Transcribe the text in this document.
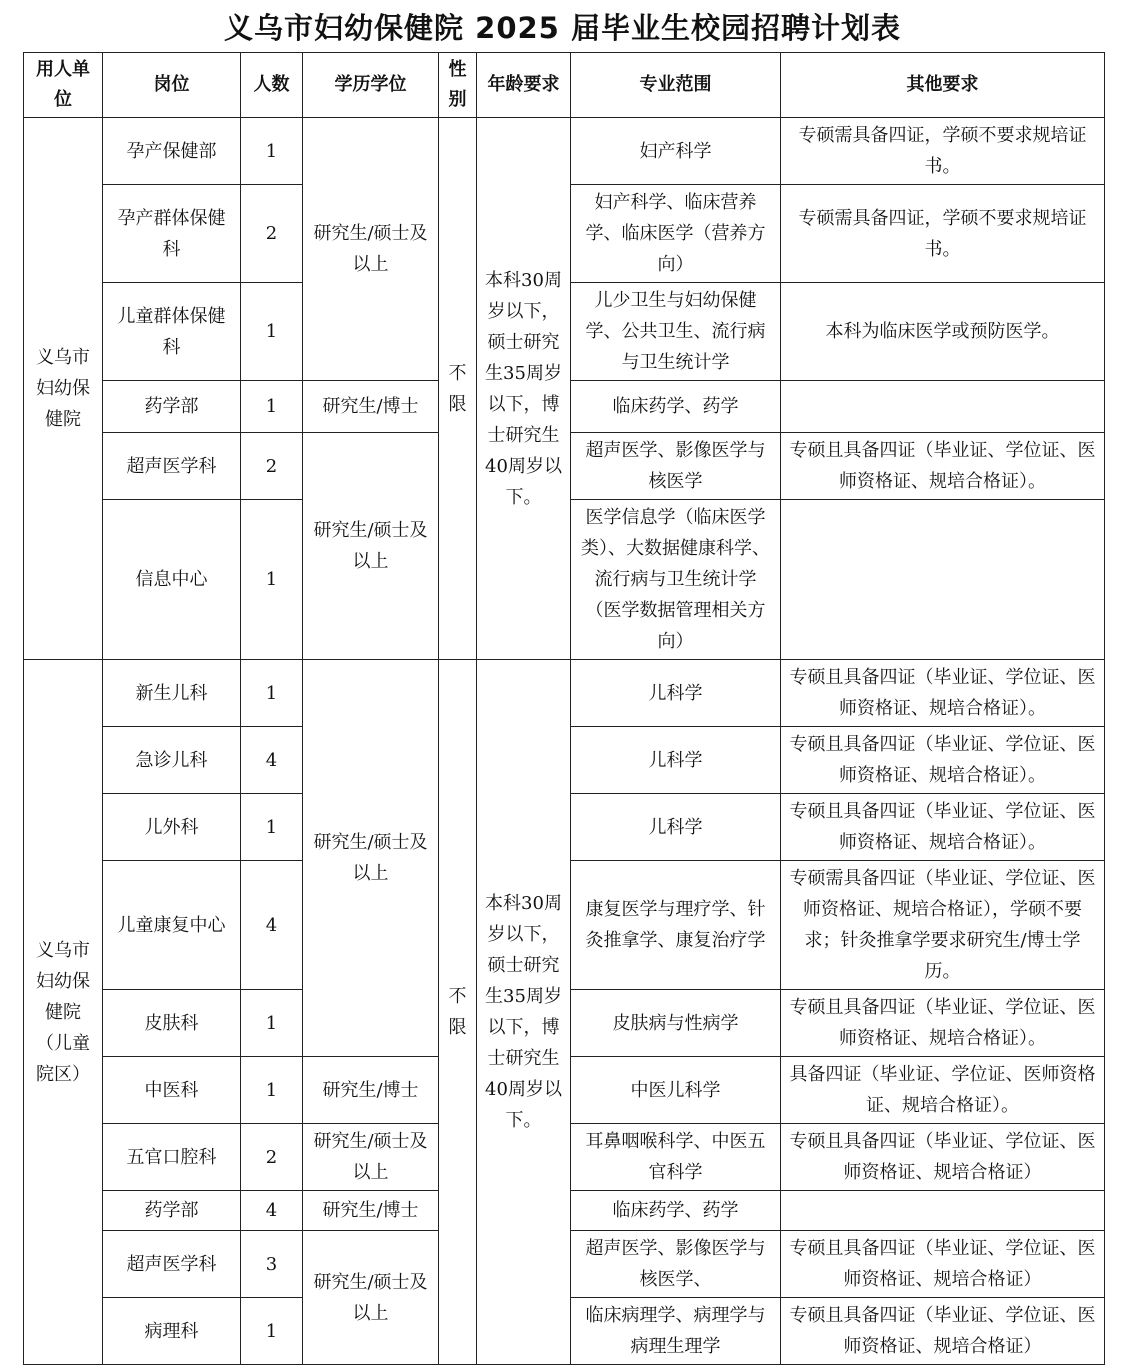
义乌市妇幼保健院 2025 届毕业生校园招聘计划表
用人单位	岗位	人数	学历学位	性别	年龄要求	专业范围	其他要求
义乌市妇幼保健院	孕产保健部	1	研究生/硕士及以上	不限	本科30周岁以下，硕士研究生35周岁以下，博士研究生40周岁以下。	妇产科学	专硕需具备四证，学硕不要求规培证书。
	孕产群体保健科	2				妇产科学、临床营养学、临床医学（营养方向）	专硕需具备四证，学硕不要求规培证书。
	儿童群体保健科	1				儿少卫生与妇幼保健学、公共卫生、流行病与卫生统计学	本科为临床医学或预防医学。
	药学部	1	研究生/博士			临床药学、药学	
	超声医学科	2	研究生/硕士及以上			超声医学、影像医学与核医学	专硕且具备四证（毕业证、学位证、医师资格证、规培合格证）。
	信息中心	1				医学信息学（临床医学类）、大数据健康科学、流行病与卫生统计学（医学数据管理相关方向）	
义乌市妇幼保健院（儿童院区）	新生儿科	1	研究生/硕士及以上	不限	本科30周岁以下，硕士研究生35周岁以下，博士研究生40周岁以下。	儿科学	专硕且具备四证（毕业证、学位证、医师资格证、规培合格证）。
	急诊儿科	4				儿科学	专硕且具备四证（毕业证、学位证、医师资格证、规培合格证）。
	儿外科	1				儿科学	专硕且具备四证（毕业证、学位证、医师资格证、规培合格证）。
	儿童康复中心	4				康复医学与理疗学、针灸推拿学、康复治疗学	专硕需具备四证（毕业证、学位证、医师资格证、规培合格证），学硕不要求；针灸推拿学要求研究生/博士学历。
	皮肤科	1				皮肤病与性病学	专硕且具备四证（毕业证、学位证、医师资格证、规培合格证）。
	中医科	1	研究生/博士			中医儿科学	具备四证（毕业证、学位证、医师资格证、规培合格证）。
	五官口腔科	2	研究生/硕士及以上			耳鼻咽喉科学、中医五官科学	专硕且具备四证（毕业证、学位证、医师资格证、规培合格证）
	药学部	4	研究生/博士			临床药学、药学	
	超声医学科	3	研究生/硕士及以上			超声医学、影像医学与核医学、	专硕且具备四证（毕业证、学位证、医师资格证、规培合格证）
	病理科	1				临床病理学、病理学与病理生理学	专硕且具备四证（毕业证、学位证、医师资格证、规培合格证）
